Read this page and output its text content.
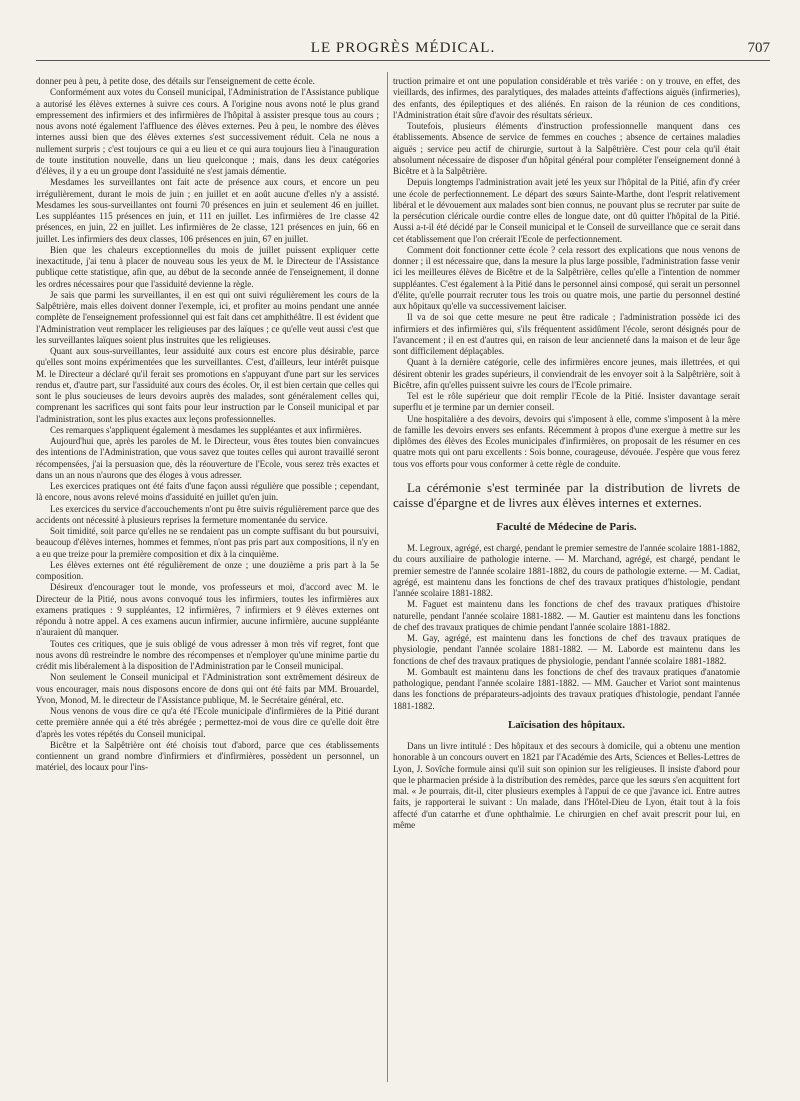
LE PROGRÈS MÉDICAL.	707

donner peu à peu, à petite dose, des détails sur l'enseignement de cette école.

Conformément aux votes du Conseil municipal, l'Administration de l'Assistance publique a autorisé les élèves externes à suivre ces cours. A l'origine nous avons noté le plus grand empressement des infirmiers et des infirmières de l'hôpital à assister presque tous au cours ; nous avons noté également l'affluence des élèves externes. Peu à peu, le nombre des élèves internes aussi bien que des élèves externes s'est successivement réduit. Cela ne nous a nullement surpris ; c'est toujours ce qui a eu lieu et ce qui aura toujours lieu à l'inauguration de toute institution nouvelle, dans un lieu quelconque ; mais, dans les deux catégories d'élèves, il y a eu un groupe dont l'assiduité ne s'est jamais démentie.

Mesdames les surveillantes ont fait acte de présence aux cours, et encore un peu irrégulièrement, durant le mois de juin ; en juillet et en août aucune d'elles n'y a assisté. Mesdames les sous-surveillantes ont fourni 70 présences en juin et seulement 46 en juillet. Les suppléantes 115 présences en juin, et 111 en juillet. Les infirmières de 1re classe 42 présences, en juin, 22 en juillet. Les infirmières de 2e classe, 121 présences en juin, 66 en juillet. Les infirmiers des deux classes, 106 présences en juin, 67 en juillet.

Bien que les chaleurs exceptionnelles du mois de juillet puissent expliquer cette inexactitude, j'ai tenu à placer de nouveau sous les yeux de M. le Directeur de l'Assistance publique cette statistique, afin que, au début de la seconde année de l'enseignement, il donne les ordres nécessaires pour que l'assiduité devienne la règle.

Je sais que parmi les surveillantes, il en est qui ont suivi régulièrement les cours de la Salpêtrière, mais elles doivent donner l'exemple, ici, et profiter au moins pendant une année complète de l'enseignement professionnel qui est fait dans cet amphithéâtre. Il est évident que l'Administration veut remplacer les religieuses par des laïques ; ce qu'elle veut aussi c'est que les surveillantes laïques soient plus instruites que les religieuses.

Quant aux sous-surveillantes, leur assiduité aux cours est encore plus désirable, parce qu'elles sont moins expérimentées que les surveillantes. C'est, d'ailleurs, leur intérêt puisque M. le Directeur a déclaré qu'il ferait ses promotions en s'appuyant d'une part sur les services rendus et, d'autre part, sur l'assiduité aux cours des écoles. Or, il est bien certain que celles qui sont le plus soucieuses de leurs devoirs auprès des malades, sont généralement celles qui, comprenant les sacrifices qui sont faits pour leur instruction par le Conseil municipal et par l'administration, sont les plus exactes aux leçons professionnelles.

Ces remarques s'appliquent également à mesdames les suppléantes et aux infirmières.

Aujourd'hui que, après les paroles de M. le Directeur, vous êtes toutes bien convaincues des intentions de l'Administration, que vous savez que toutes celles qui auront travaillé seront récompensées, j'ai la persuasion que, dès la réouverture de l'Ecole, vous serez très exactes et dans un an nous n'aurons que des éloges à vous adresser.

Les exercices pratiques ont été faits d'une façon aussi régulière que possible ; cependant, là encore, nous avons relevé moins d'assiduité en juillet qu'en juin.

Les exercices du service d'accouchements n'ont pu être suivis régulièrement parce que des accidents ont nécessité à plusieurs reprises la fermeture momentanée du service.

Soit timidité, soit parce qu'elles ne se rendaient pas un compte suffisant du but poursuivi, beaucoup d'élèves internes, hommes et femmes, n'ont pas pris part aux compositions, il n'y en a eu que treize pour la première composition et dix à la cinquième.

Les élèves externes ont été régulièrement de onze ; une douzième a pris part à la 5e composition.

Désireux d'encourager tout le monde, vos professeurs et moi, d'accord avec M. le Directeur de la Pitié, nous avons convoqué tous les infirmiers, toutes les infirmières aux examens pratiques : 9 suppléantes, 12 infirmières, 7 infirmiers et 9 élèves externes ont répondu à notre appel. A ces examens aucun infirmier, aucune infirmière, aucune suppléante n'auraient dû manquer.

Toutes ces critiques, que je suis obligé de vous adresser à mon très vif regret, font que nous avons dû restreindre le nombre des récompenses et n'employer qu'une minime partie du crédit mis libéralement à la disposition de l'Administration par le Conseil municipal.

Non seulement le Conseil municipal et l'Administration sont extrêmement désireux de vous encourager, mais nous disposons encore de dons qui ont été faits par MM. Brouardel, Yvon, Monod, M. le directeur de l'Assistance publique, M. le Secrétaire général, etc.

Nous venons de vous dire ce qu'a été l'Ecole municipale d'infirmières de la Pitié durant cette première année qui a été très abrégée ; permettez-moi de vous dire ce qu'elle doit être d'après les votes répétés du Conseil municipal.

Bicêtre et la Salpêtrière ont été choisis tout d'abord, parce que ces établissements contiennent un grand nombre d'infirmiers et d'infirmières, possèdent un personnel, un matériel, des locaux pour l'ins-

truction primaire et ont une population considérable et très variée : on y trouve, en effet, des vieillards, des infirmes, des paralytiques, des malades atteints d'affections aiguës (infirmeries), des enfants, des épileptiques et des aliénés. En raison de la réunion de ces conditions, l'Administration était sûre d'avoir des résultats sérieux.

Toutefois, plusieurs éléments d'instruction professionnelle manquent dans ces établissements. Absence de service de femmes en couches ; absence de certaines maladies aiguës ; service peu actif de chirurgie, surtout à la Salpêtrière. C'est pour cela qu'il était absolument nécessaire de disposer d'un hôpital général pour compléter l'enseignement donné à Bicêtre et à la Salpêtrière.

Depuis longtemps l'administration avait jeté les yeux sur l'hôpital de la Pitié, afin d'y créer une école de perfectionnement. Le départ des sœurs Sainte-Marthe, dont l'esprit relativement libéral et le dévouement aux malades sont bien connus, ne pouvant plus se recruter par suite de la persécution cléricale ourdie contre elles de longue date, ont dû quitter l'hôpital de la Pitié. Aussi a-t-il été décidé par le Conseil municipal et le Conseil de surveillance que ce serait dans cet établissement que l'on créerait l'Ecole de perfectionnement.

Comment doit fonctionner cette école ? cela ressort des explications que nous venons de donner ; il est nécessaire que, dans la mesure la plus large possible, l'administration fasse venir ici les meilleures élèves de Bicêtre et de la Salpêtrière, celles qu'elle a l'intention de nommer suppléantes. C'est également à la Pitié dans le personnel ainsi composé, qui serait un personnel d'élite, qu'elle pourrait recruter tous les trois ou quatre mois, une partie du personnel destiné aux hôpitaux qu'elle va successivement laïciser.

Il va de soi que cette mesure ne peut être radicale ; l'administration possède ici des infirmiers et des infirmières qui, s'ils fréquentent assidûment l'école, seront désignés pour de l'avancement ; il en est d'autres qui, en raison de leur ancienneté dans la maison et de leur âge sont difficilement déplaçables.

Quant à la dernière catégorie, celle des infirmières encore jeunes, mais illettrées, et qui désirent obtenir les grades supérieurs, il conviendrait de les envoyer soit à la Salpêtrière, soit à Bicêtre, afin qu'elles puissent suivre les cours de l'Ecole primaire.

Tel est le rôle supérieur que doit remplir l'Ecole de la Pitié. Insister davantage serait superflu et je termine par un dernier conseil.

Une hospitalière a des devoirs, devoirs qui s'imposent à elle, comme s'imposent à la mère de famille les devoirs envers ses enfants. Récemment à propos d'une exergue à mettre sur les diplômes des élèves des Ecoles municipales d'infirmières, on proposait de les résumer en ces quatre mots qui ont paru excellents : Sois bonne, courageuse, dévouée. J'espère que vous ferez tous vos efforts pour vous conformer à cette règle de conduite.

La cérémonie s'est terminée par la distribution de livrets de caisse d'épargne et de livres aux élèves internes et externes.

Faculté de Médecine de Paris.

M. Legroux, agrégé, est chargé, pendant le premier semestre de l'année scolaire 1881-1882, du cours auxiliaire de pathologie interne. — M. Marchand, agrégé, est chargé, pendant le premier semestre de l'année scolaire 1881-1882, du cours de pathologie externe. — M. Cadiat, agrégé, est maintenu dans les fonctions de chef des travaux pratiques d'histologie, pendant l'année scolaire 1881-1882.

M. Faguet est maintenu dans les fonctions de chef des travaux pratiques d'histoire naturelle, pendant l'année scolaire 1881-1882. — M. Gautier est maintenu dans les fonctions de chef des travaux pratiques de chimie pendant l'année scolaire 1881-1882.

M. Gay, agrégé, est maintenu dans les fonctions de chef des travaux pratiques de physiologie, pendant l'année scolaire 1881-1882. — M. Laborde est maintenu dans les fonctions de chef des travaux pratiques de physiologie, pendant l'année scolaire 1881-1882.

M. Gombault est maintenu dans les fonctions de chef des travaux pratiques d'anatomie pathologique, pendant l'année scolaire 1881-1882. — MM. Gaucher et Variot sont maintenus dans les fonctions de préparateurs-adjoints des travaux pratiques d'histologie, pendant l'année 1881-1882.

Laïcisation des hôpitaux.

Dans un livre intitulé : Des hôpitaux et des secours à domicile, qui a obtenu une mention honorable à un concours ouvert en 1821 par l'Académie des Arts, Sciences et Belles-Lettres de Lyon, J. Sovîche formule ainsi qu'il suit son opinion sur les religieuses. Il insiste d'abord pour que le pharmacien préside à la distribution des remèdes, parce que les sœurs s'en acquittent fort mal. « Je pourrais, dit-il, citer plusieurs exemples à l'appui de ce que j'avance ici. Entre autres faits, je rapporterai le suivant : Un malade, dans l'Hôtel-Dieu de Lyon, était tout à la fois affecté d'un catarrhe et d'une ophthalmie. Le chirurgien en chef avait prescrit pour lui, en même
